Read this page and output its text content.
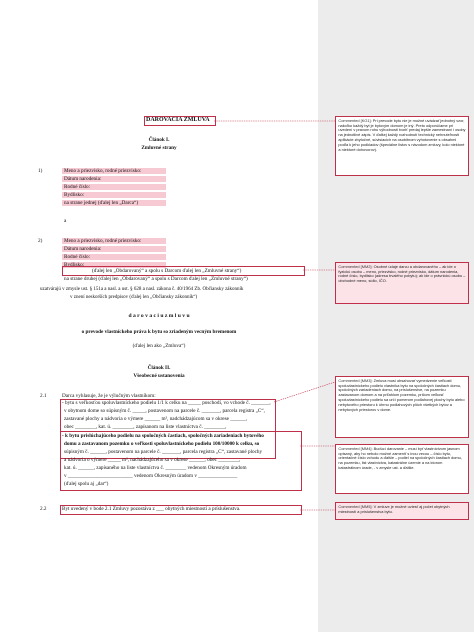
DAROVACIA ZMLUVA
Článok I.
Zmluvné strany
1)	Meno a priezvisko, rodné priezvisko:
Dátum narodenia:
Rodné číslo:
Bydlisko:
na strane jednej (ďalej len „Darca“)
a
2)	Meno a priezvisko, rodné priezvisko:
Dátum narodenia:
Rodné číslo:
Bydlisko:
(ďalej len „Obdarovaný“ a spolu s Darcom ďalej len „Zmluvné strany“)
na strane druhej (ďalej len „Obdarovaný“ a spolu s Darcom ďalej len „Zmluvné strany“)
uzatvárajú v zmysle ust. § 151a a nasl. a ust. § 628 a nasl. zákona č. 40/1964 Zb. Občiansky zákonník
v znení neskorších predpisov (ďalej len „Občiansky zákonník“)
d a r o v a c i u z m l u v u
o prevode vlastníckeho práva k bytu so zriadeným vecným bremenom
(ďalej len ako „Zmluva“)
Článok II.
Všeobecné ustanovenia
2.1	Darca vyhlasuje, že je výlučným vlastníkom:
- bytu s veľkosťou spoluvlastníckeho podielu 1/1 k celku na _____ poschodí, vo vchode č. _______,
v obytnom dome so súpisným č. _____, postavenom na parcele č. _______, parcela registra „C“,
zastavané plochy a nádvoria o výmere ______ m², nadchádzajúcom sa v okrese ______,
obec ________, kat. ú. ________, zapísanom na liste vlastníctva č. ________,
- k bytu prislúchajúceho podielu na spoločných častiach, spoločných zariadeniach bytového
domu a zastavanom pozemku o veľkosti spoluvlastníckeho podielu 100/10000 k celku, so
súpisným č. ______, postavenom na parcele č. _______, parcela registra „C“, zastavané plochy
a nádvoria o výmere _____ m², nachádzajúceho sa v okrese ______, obec ________,
kat. ú. ______, zapísaného na liste vlastníctva č. ________ vedenom Okresným úradom
v _________________________ vedenom Okresným úradom v _______________
(ďalej spolu aj „dar“)
2.2	Byt uvedený v bode 2.1 Zmluvy pozostáva z ___ obytných miestností a príslušenstva.
Commented [KG1]: Pri prevode bytu nie je možné uvádzať jednotný vzor, nakoľko každý byt je bytovým domom je iný. Preto odporúčame pri uvedení v pravom rohu výhodnosti tvoriť predaj lepšie zamestnaní i osoby na jednotlivé zápis. V ďalšej každý rozhodnutí technický nehnuteľnosti aplikácie zbytočné, súvisiacich na osobitnom vyhotovenie s obsahmi podľa k jeho podkladov (špeciálne listov s návodom zmluvy, kolo niektoré a niektoré dohovorov).
Commented [MM2]: Osobné údaje darcu a obdarovaného – ak ide o fyzickú osobu – meno, priezvisko, rodné priezvisko, dátum narodenia, rodné číslo, bydlisko (adresa trvalého pobytu); ak ide o právnickú osobu – obchodné meno, sídlo, IČO.
Commented [MM3]: Zmluva musí obsahovať vymedzenie veľkosti spoluvlastníckeho podielu vlastníka bytu na spoločných častiach domu, spoločných zariadeniach domu, na príslušenstve, na pozemku zastavanom domom a na priľahlom pozemku, pričom veľkosť spoluvlastníckeho podielu sa určí pomerom podlahovej plochy bytu alebo nebytového priestoru k úhrnu podlahových plôch všetkých bytov a nebytových priestorov v dome.
Commented [MM4]: Budúcí darovanie – musí byť vlastníctvom jasnom opisaný, aby ho nebolo možné zameniť s inou vecou – číslo bytu, orientačné číslo vchodu a ďalšie – podiel na spoločných častiach domu, na pozemku, list vlastníctva, katastrálne územie a na ktorom katastrálnom úrade, - v zmysle ust. a ďalšie.
Commented [MM5]: V zmluve je možné uviesť aj počet obytných miestností a príslušenstva bytu.
